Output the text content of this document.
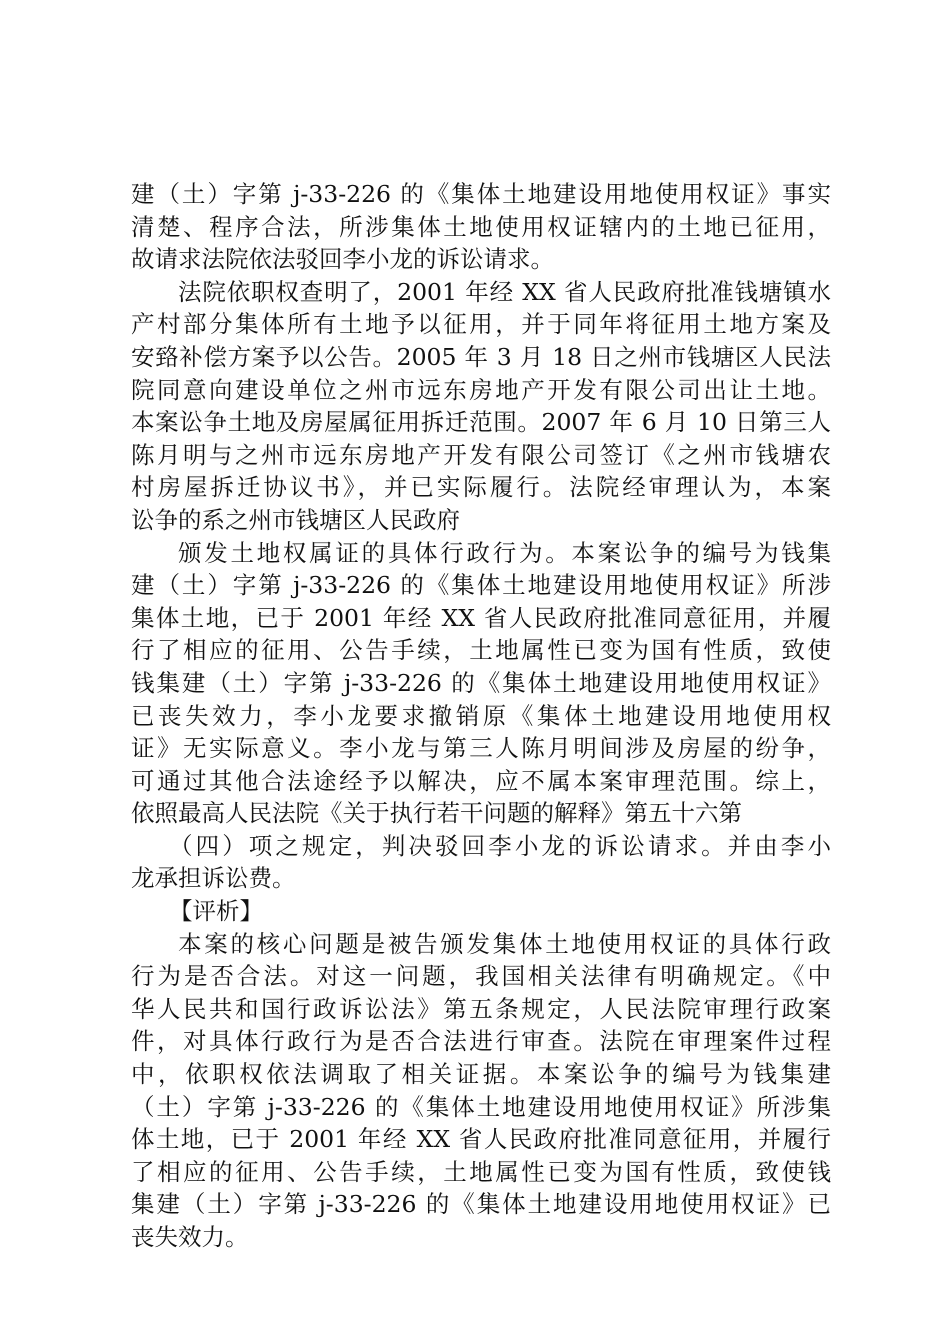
建（土）字第 j-33-226 的《集体土地建设用地使用权证》事实
清楚、程序合法，所涉集体土地使用权证辖内的土地已征用，
故请求法院依法驳回李小龙的诉讼请求。
法院依职权查明了，2001 年经 XX 省人民政府批准钱塘镇水
产村部分集体所有土地予以征用，并于同年将征用土地方案及
安臵补偿方案予以公告。2005 年 3 月 18 日之州市钱塘区人民法
院同意向建设单位之州市远东房地产开发有限公司出让土地。
本案讼争土地及房屋属征用拆迁范围。2007 年 6 月 10 日第三人
陈月明与之州市远东房地产开发有限公司签订《之州市钱塘农
村房屋拆迁协议书》，并已实际履行。法院经审理认为，本案
讼争的系之州市钱塘区人民政府
颁发土地权属证的具体行政行为。本案讼争的编号为钱集
建（土）字第 j-33-226 的《集体土地建设用地使用权证》所涉
集体土地，已于 2001 年经 XX 省人民政府批准同意征用，并履
行了相应的征用、公告手续，土地属性已变为国有性质，致使
钱集建（土）字第 j-33-226 的《集体土地建设用地使用权证》
已丧失效力，李小龙要求撤销原《集体土地建设用地使用权
证》无实际意义。李小龙与第三人陈月明间涉及房屋的纷争，
可通过其他合法途经予以解决，应不属本案审理范围。综上，
依照最高人民法院《关于执行若干问题的解释》第五十六第
（四）项之规定，判决驳回李小龙的诉讼请求。并由李小
龙承担诉讼费。
【评析】
本案的核心问题是被告颁发集体土地使用权证的具体行政
行为是否合法。对这一问题，我国相关法律有明确规定。《中
华人民共和国行政诉讼法》第五条规定，人民法院审理行政案
件，对具体行政行为是否合法进行审查。法院在审理案件过程
中，依职权依法调取了相关证据。本案讼争的编号为钱集建
（土）字第 j-33-226 的《集体土地建设用地使用权证》所涉集
体土地，已于 2001 年经 XX 省人民政府批准同意征用，并履行
了相应的征用、公告手续，土地属性已变为国有性质，致使钱
集建（土）字第 j-33-226 的《集体土地建设用地使用权证》已
丧失效力。
